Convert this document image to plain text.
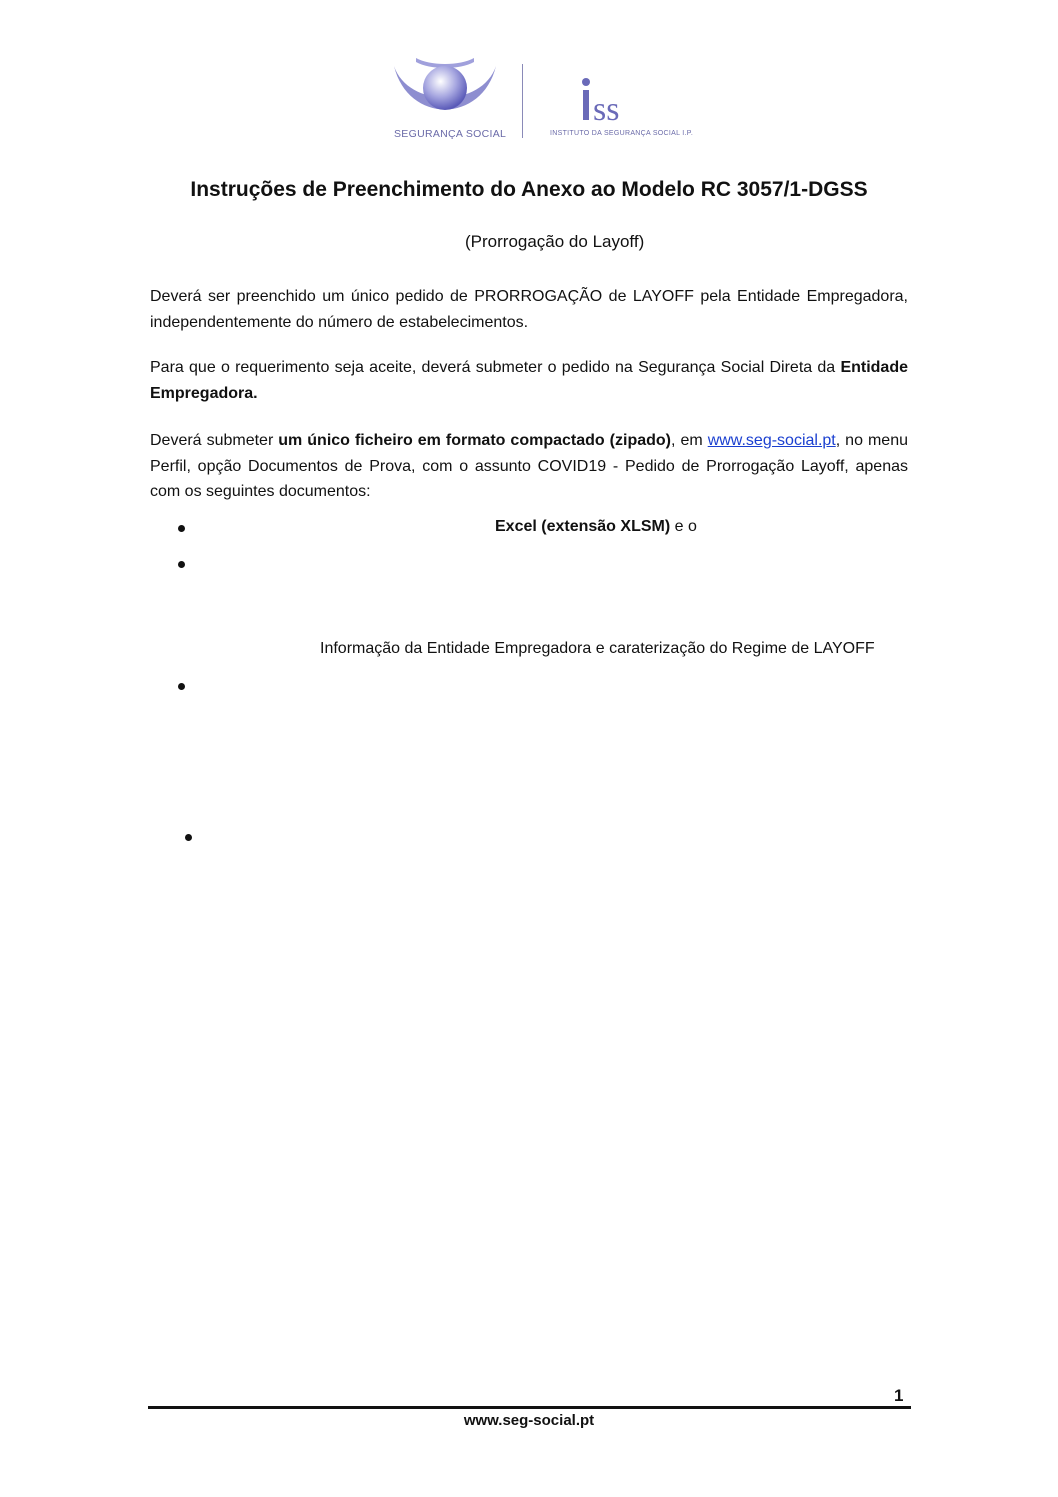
SEGURANÇA SOCIAL
ss
INSTITUTO DA SEGURANÇA SOCIAL I.P.
Instruções de Preenchimento do Anexo ao Modelo RC 3057/1-DGSS
(Prorrogação do Layoff)
Deverá ser preenchido um único pedido de PRORROGAÇÃO de LAYOFF pela Entidade Empregadora, independentemente do número de estabelecimentos.
Para que o requerimento seja aceite, deverá submeter o pedido na Segurança Social Direta da Entidade Empregadora.
Deverá submeter um único ficheiro em formato compactado (zipado), em www.seg-social.pt, no menu Perfil, opção Documentos de Prova, com o assunto COVID19 - Pedido de Prorrogação Layoff, apenas com os seguintes documentos:
Excel (extensão XLSM) e o
Informação da Entidade Empregadora e caraterização do Regime de LAYOFF
1
www.seg-social.pt
